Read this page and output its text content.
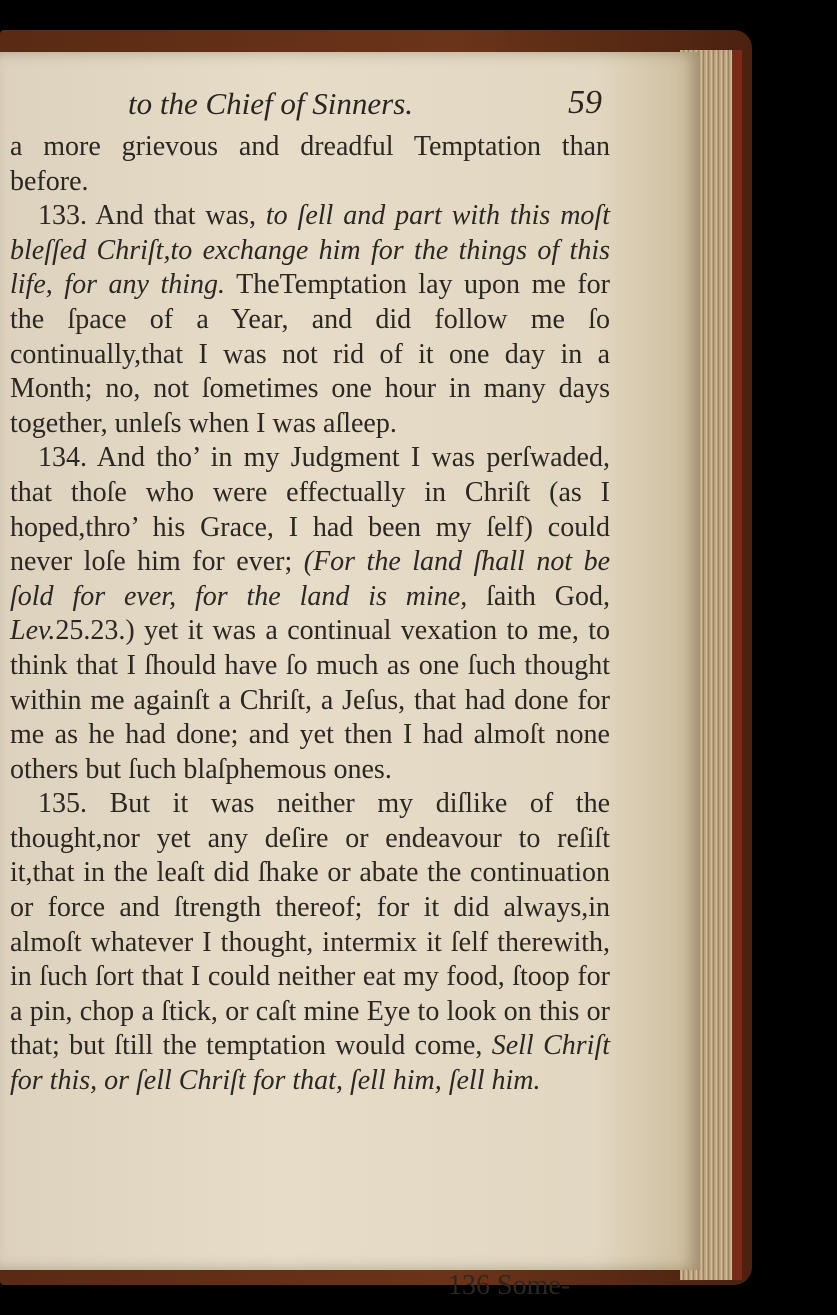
to the Chief of Sinners.	59

a more grievous and dreadful Temptation than before.

133. And that was, to ſell and part with this moſt bleſſed Chriſt,to exchange him for the things of this life, for any thing. TheTemptation lay upon me for the ſpace of a Year, and did follow me ſo continually,that I was not rid of it one day in a Month; no, not ſometimes one hour in many days together, unleſs when I was aſleep.

134. And tho’ in my Judgment I was perſwaded, that thoſe who were effectually in Chriſt (as I hoped,thro’ his Grace, I had been my ſelf) could never loſe him for ever; (For the land ſhall not be ſold for ever, for the land is mine, ſaith God, Lev.25.23.) yet it was a continual vexation to me, to think that I ſhould have ſo much as one ſuch thought within me againſt a Chriſt, a Jeſus, that had done for me as he had done; and yet then I had almoſt none others but ſuch blaſphemous ones.

135. But it was neither my diſlike of the thought,nor yet any deſire or endeavour to reſiſt it,that in the leaſt did ſhake or abate the continuation or force and ſtrength thereof; for it did always,in almoſt whatever I thought, intermix it ſelf therewith, in ſuch ſort that I could neither eat my food, ſtoop for a pin, chop a ſtick, or caſt mine Eye to look on this or that; but ſtill the temptation would come, Sell Chriſt for this, or ſell Chriſt for that, ſell him, ſell him.

136 Some-
